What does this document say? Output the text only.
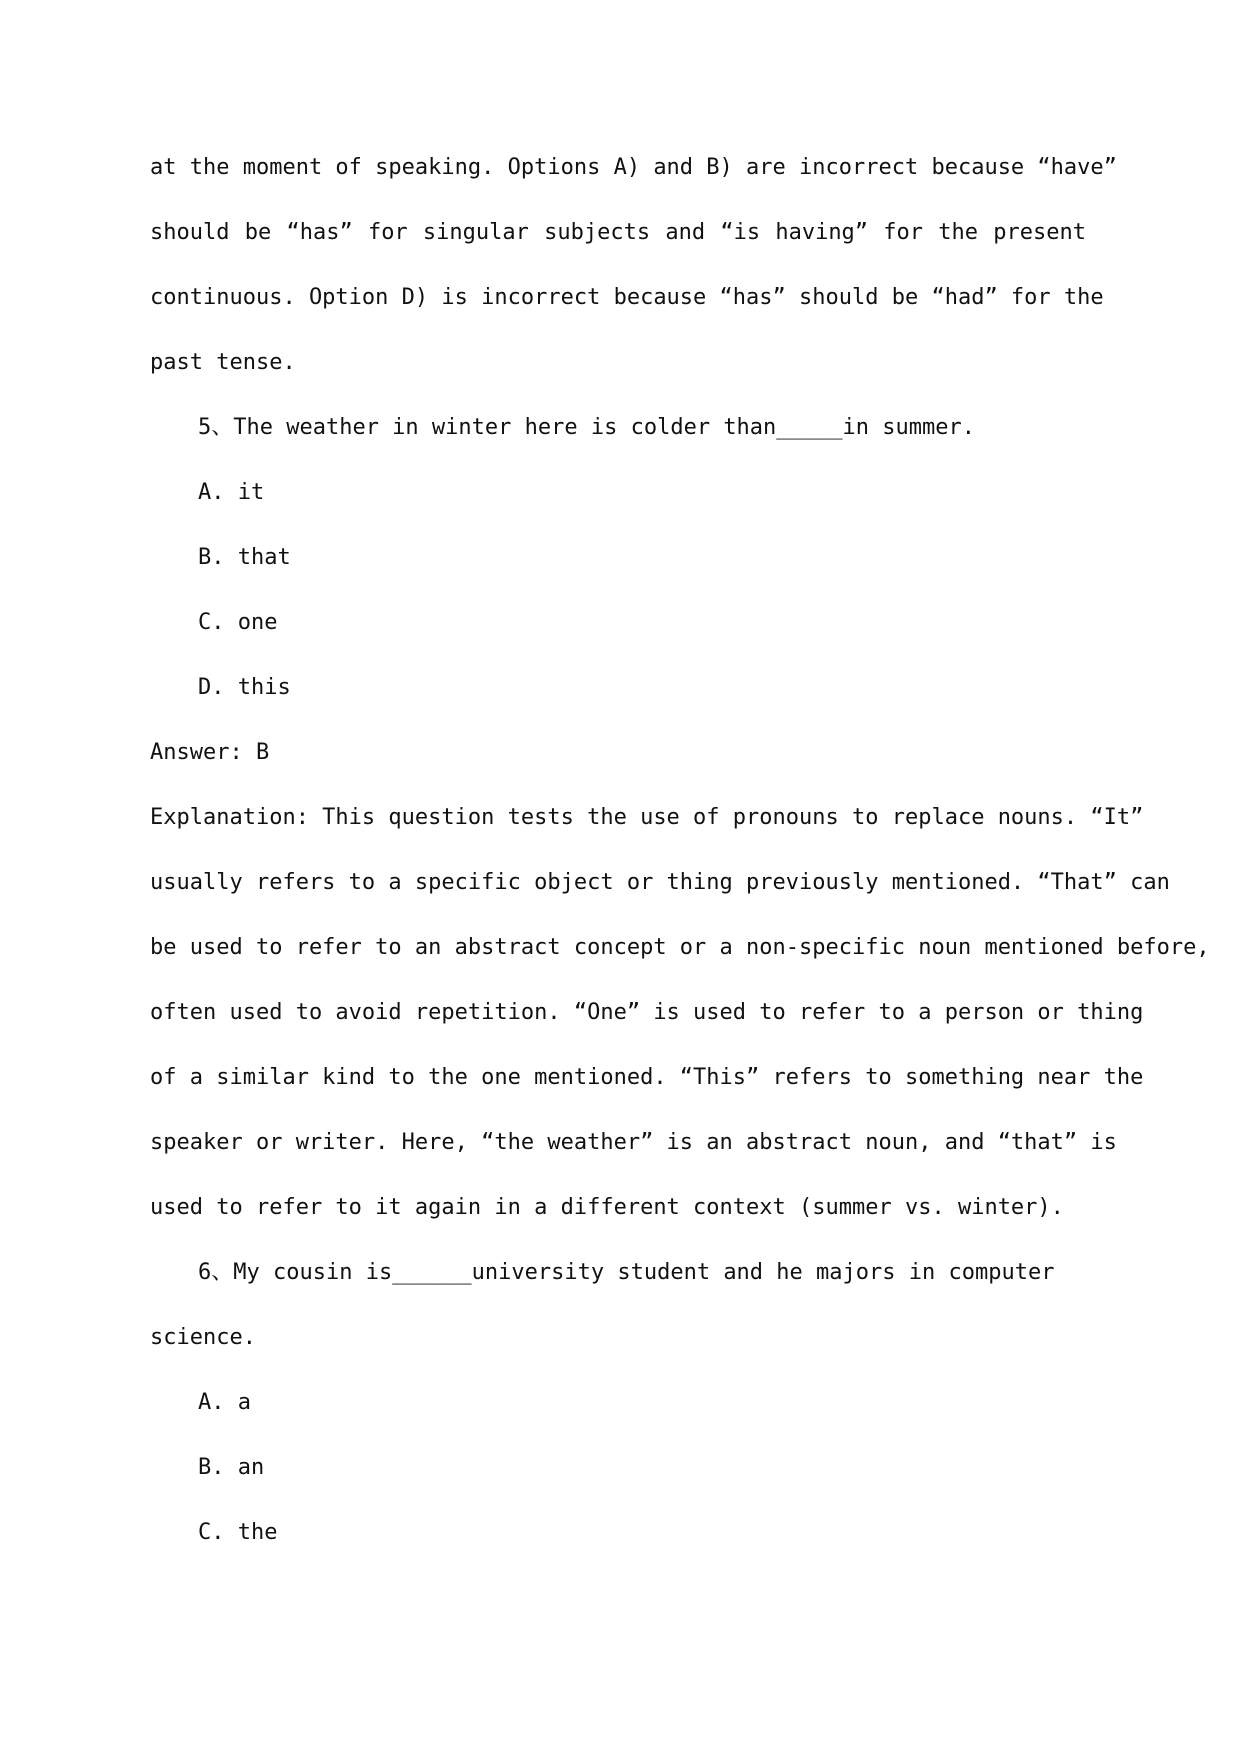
at the moment of speaking. Options A) and B) are incorrect because “have”
should be “has” for singular subjects and “is having” for the present
continuous. Option D) is incorrect because “has” should be “had” for the
past tense.
5、The weather in winter here is colder than_____in summer.
A. it
B. that
C. one
D. this
Answer: B
Explanation: This question tests the use of pronouns to replace nouns. “It”
usually refers to a specific object or thing previously mentioned. “That” can
be used to refer to an abstract concept or a non-specific noun mentioned before,
often used to avoid repetition. “One” is used to refer to a person or thing
of a similar kind to the one mentioned. “This” refers to something near the
speaker or writer. Here, “the weather” is an abstract noun, and “that” is
used to refer to it again in a different context (summer vs. winter).
6、My cousin is______university student and he majors in computer
science.
A. a
B. an
C. the
